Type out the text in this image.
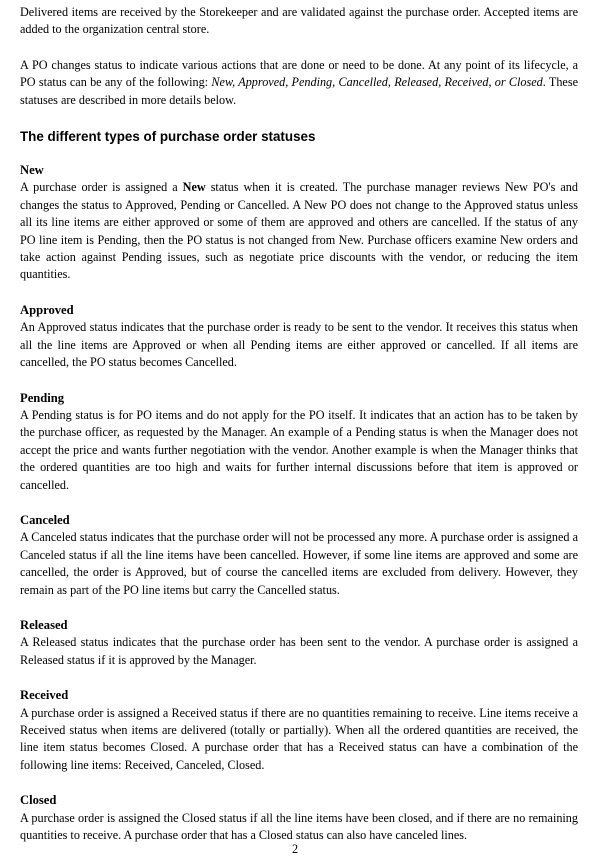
Delivered items are received by the Storekeeper and are validated against the purchase order. Accepted items are added to the organization central store.

A PO changes status to indicate various actions that are done or need to be done. At any point of its lifecycle, a PO status can be any of the following: New, Approved, Pending, Cancelled, Released, Received, or Closed. These statuses are described in more details below.

The different types of purchase order statuses
New

A purchase order is assigned a New status when it is created. The purchase manager reviews New PO's and changes the status to Approved, Pending or Cancelled. A New PO does not change to the Approved status unless all its line items are either approved or some of them are approved and others are cancelled. If the status of any PO line item is Pending, then the PO status is not changed from New. Purchase officers examine New orders and take action against Pending issues, such as negotiate price discounts with the vendor, or reducing the item quantities.

Approved

An Approved status indicates that the purchase order is ready to be sent to the vendor. It receives this status when all the line items are Approved or when all Pending items are either approved or cancelled. If all items are cancelled, the PO status becomes Cancelled.

Pending

A Pending status is for PO items and do not apply for the PO itself. It indicates that an action has to be taken by the purchase officer, as requested by the Manager. An example of a Pending status is when the Manager does not accept the price and wants further negotiation with the vendor. Another example is when the Manager thinks that the ordered quantities are too high and waits for further internal discussions before that item is approved or cancelled.

Canceled

A Canceled status indicates that the purchase order will not be processed any more. A purchase order is assigned a Canceled status if all the line items have been cancelled. However, if some line items are approved and some are cancelled, the order is Approved, but of course the cancelled items are excluded from delivery. However, they remain as part of the PO line items but carry the Cancelled status.

Released

A Released status indicates that the purchase order has been sent to the vendor. A purchase order is assigned a Released status if it is approved by the Manager.

Received

A purchase order is assigned a Received status if there are no quantities remaining to receive. Line items receive a Received status when items are delivered (totally or partially). When all the ordered quantities are received, the line item status becomes Closed. A purchase order that has a Received status can have a combination of the following line items: Received, Canceled, Closed.

Closed

A purchase order is assigned the Closed status if all the line items have been closed, and if there are no remaining quantities to receive. A purchase order that has a Closed status can also have canceled lines.

2
